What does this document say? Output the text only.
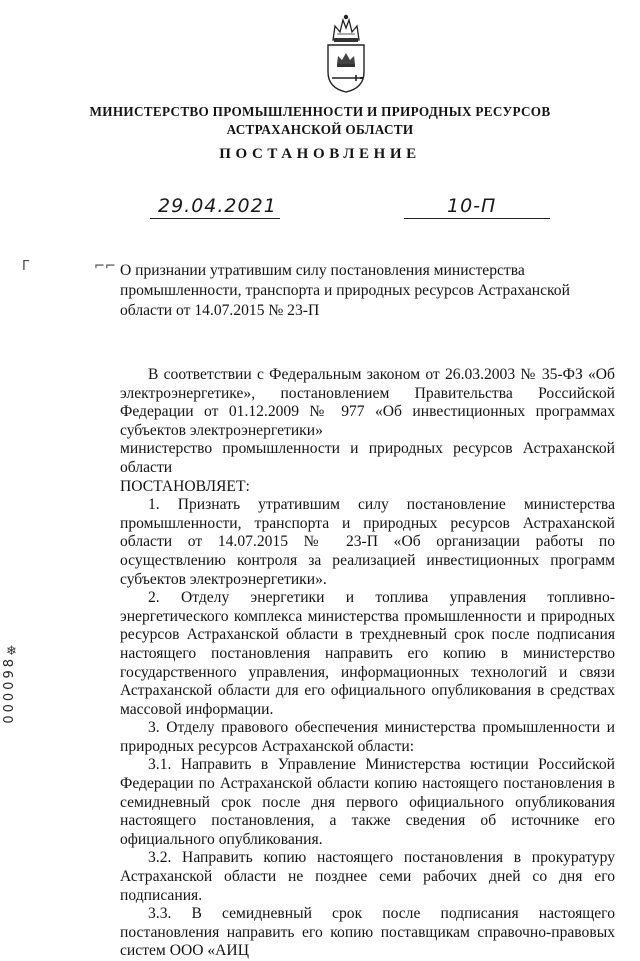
МИНИСТЕРСТВО ПРОМЫШЛЕННОСТИ И ПРИРОДНЫХ РЕСУРСОВ
АСТРАХАНСКОЙ ОБЛАСТИ
ПОСТАНОВЛЕНИЕ
29.04.2021	10-П
Г	⌐⌐ О признании утратившим силу постановления министерства промышленности, транспорта и природных ресурсов Астраханской области от 14.07.2015 № 23-П

В соответствии с Федеральным законом от 26.03.2003 № 35-ФЗ «Об электроэнергетике», постановлением Правительства Российской Федерации от 01.12.2009 № 977 «Об инвестиционных программах субъектов электроэнергетики»

министерство промышленности и природных ресурсов Астраханской области

ПОСТАНОВЛЯЕТ:

1. Признать утратившим силу постановление министерства промышленности, транспорта и природных ресурсов Астраханской области от 14.07.2015 № 23-П «Об организации работы по осуществлению контроля за реализацией инвестиционных программ субъектов электроэнергетики».

2. Отделу энергетики и топлива управления топливно-энергетического комплекса министерства промышленности и природных ресурсов Астраханской области в трехдневный срок после подписания настоящего постановления направить его копию в министерство государственного управления, информационных технологий и связи Астраханской области для его официального опубликования в средствах массовой информации.

3. Отделу правового обеспечения министерства промышленности и природных ресурсов Астраханской области:

3.1. Направить в Управление Министерства юстиции Российской Федерации по Астраханской области копию настоящего постановления в семидневный срок после дня первого официального опубликования настоящего постановления, а также сведения об источнике его официального опубликования.

3.2. Направить копию настоящего постановления в прокуратуру Астраханской области не позднее семи рабочих дней со дня его подписания.

3.3. В семидневный срок после подписания настоящего постановления направить его копию поставщикам справочно-правовых систем ООО «АИЦ

❄
000098
